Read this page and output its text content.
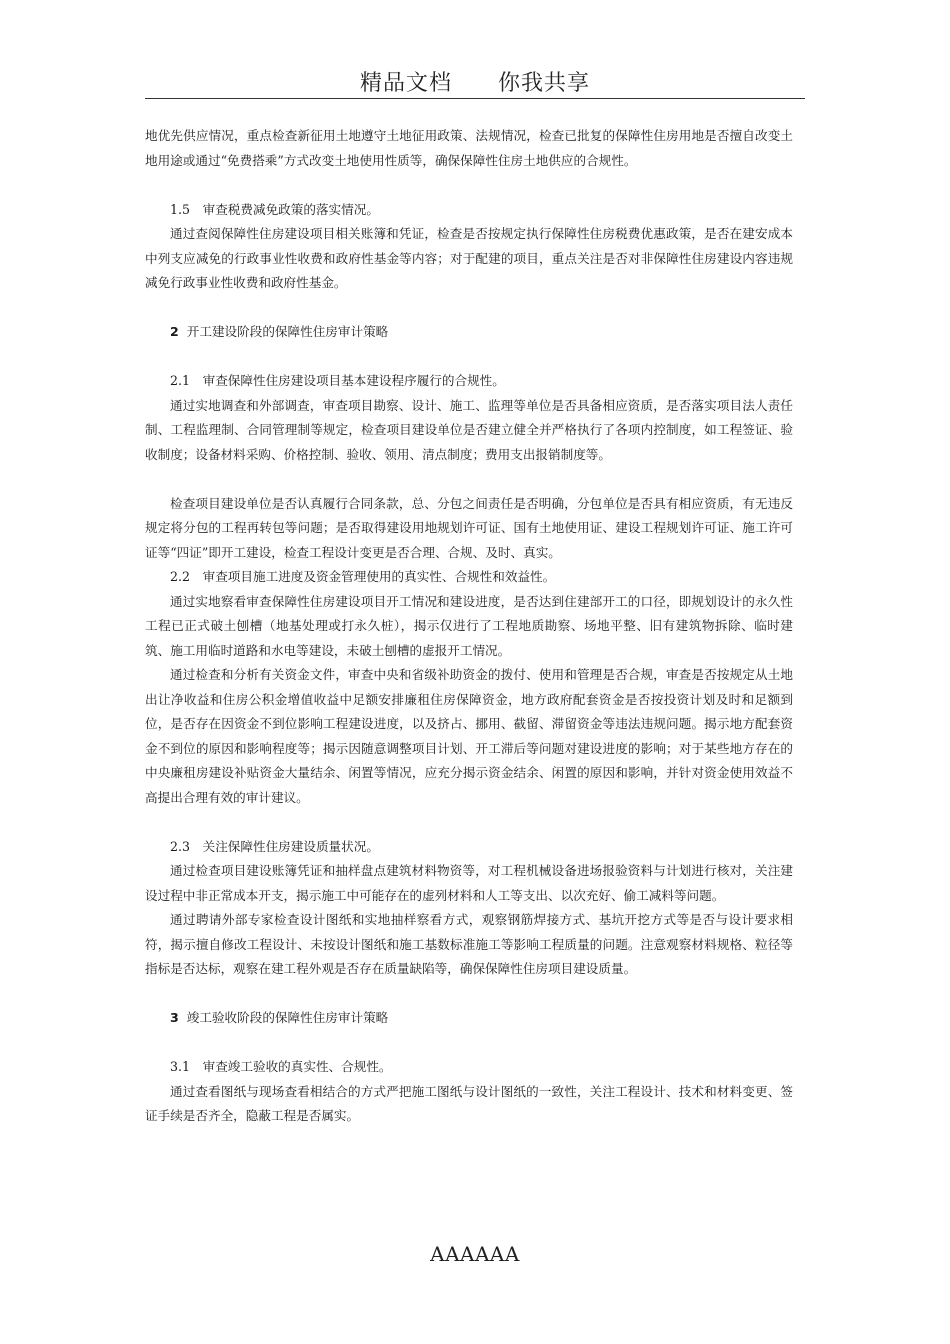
精品文档 你我共享

地优先供应情况，重点检查新征用土地遵守土地征用政策、法规情况，检查已批复的保障性住房用地是否擅自改变土地用途或通过“免费搭乘”方式改变土地使用性质等，确保保障性住房土地供应的合规性。

1.5　审查税费减免政策的落实情况。

通过查阅保障性住房建设项目相关账簿和凭证，检查是否按规定执行保障性住房税费优惠政策，是否在建安成本中列支应减免的行政事业性收费和政府性基金等内容；对于配建的项目，重点关注是否对非保障性住房建设内容违规减免行政事业性收费和政府性基金。

2 开工建设阶段的保障性住房审计策略

2.1　审查保障性住房建设项目基本建设程序履行的合规性。

通过实地调查和外部调查，审查项目勘察、设计、施工、监理等单位是否具备相应资质，是否落实项目法人责任制、工程监理制、合同管理制等规定，检查项目建设单位是否建立健全并严格执行了各项内控制度，如工程签证、验收制度；设备材料采购、价格控制、验收、领用、清点制度；费用支出报销制度等。

检查项目建设单位是否认真履行合同条款，总、分包之间责任是否明确，分包单位是否具有相应资质，有无违反规定将分包的工程再转包等问题；是否取得建设用地规划许可证、国有土地使用证、建设工程规划许可证、施工许可证等“四证”即开工建设，检查工程设计变更是否合理、合规、及时、真实。

2.2　审查项目施工进度及资金管理使用的真实性、合规性和效益性。

通过实地察看审查保障性住房建设项目开工情况和建设进度，是否达到住建部开工的口径，即规划设计的永久性工程已正式破土刨槽（地基处理或打永久桩），揭示仅进行了工程地质勘察、场地平整、旧有建筑物拆除、临时建筑、施工用临时道路和水电等建设，未破土刨槽的虚报开工情况。

通过检查和分析有关资金文件，审查中央和省级补助资金的拨付、使用和管理是否合规，审查是否按规定从土地出让净收益和住房公积金增值收益中足额安排廉租住房保障资金，地方政府配套资金是否按投资计划及时和足额到位，是否存在因资金不到位影响工程建设进度，以及挤占、挪用、截留、滞留资金等违法违规问题。揭示地方配套资金不到位的原因和影响程度等；揭示因随意调整项目计划、开工滞后等问题对建设进度的影响；对于某些地方存在的中央廉租房建设补贴资金大量结余、闲置等情况，应充分揭示资金结余、闲置的原因和影响，并针对资金使用效益不高提出合理有效的审计建议。

2.3　关注保障性住房建设质量状况。

通过检查项目建设账簿凭证和抽样盘点建筑材料物资等，对工程机械设备进场报验资料与计划进行核对，关注建设过程中非正常成本开支，揭示施工中可能存在的虚列材料和人工等支出、以次充好、偷工减料等问题。

通过聘请外部专家检查设计图纸和实地抽样察看方式，观察钢筋焊接方式、基坑开挖方式等是否与设计要求相符，揭示擅自修改工程设计、未按设计图纸和施工基数标准施工等影响工程质量的问题。注意观察材料规格、粒径等指标是否达标，观察在建工程外观是否存在质量缺陷等，确保保障性住房项目建设质量。

3 竣工验收阶段的保障性住房审计策略

3.1　审查竣工验收的真实性、合规性。

通过查看图纸与现场查看相结合的方式严把施工图纸与设计图纸的一致性，关注工程设计、技术和材料变更、签证手续是否齐全，隐蔽工程是否属实。

AAAAAA
